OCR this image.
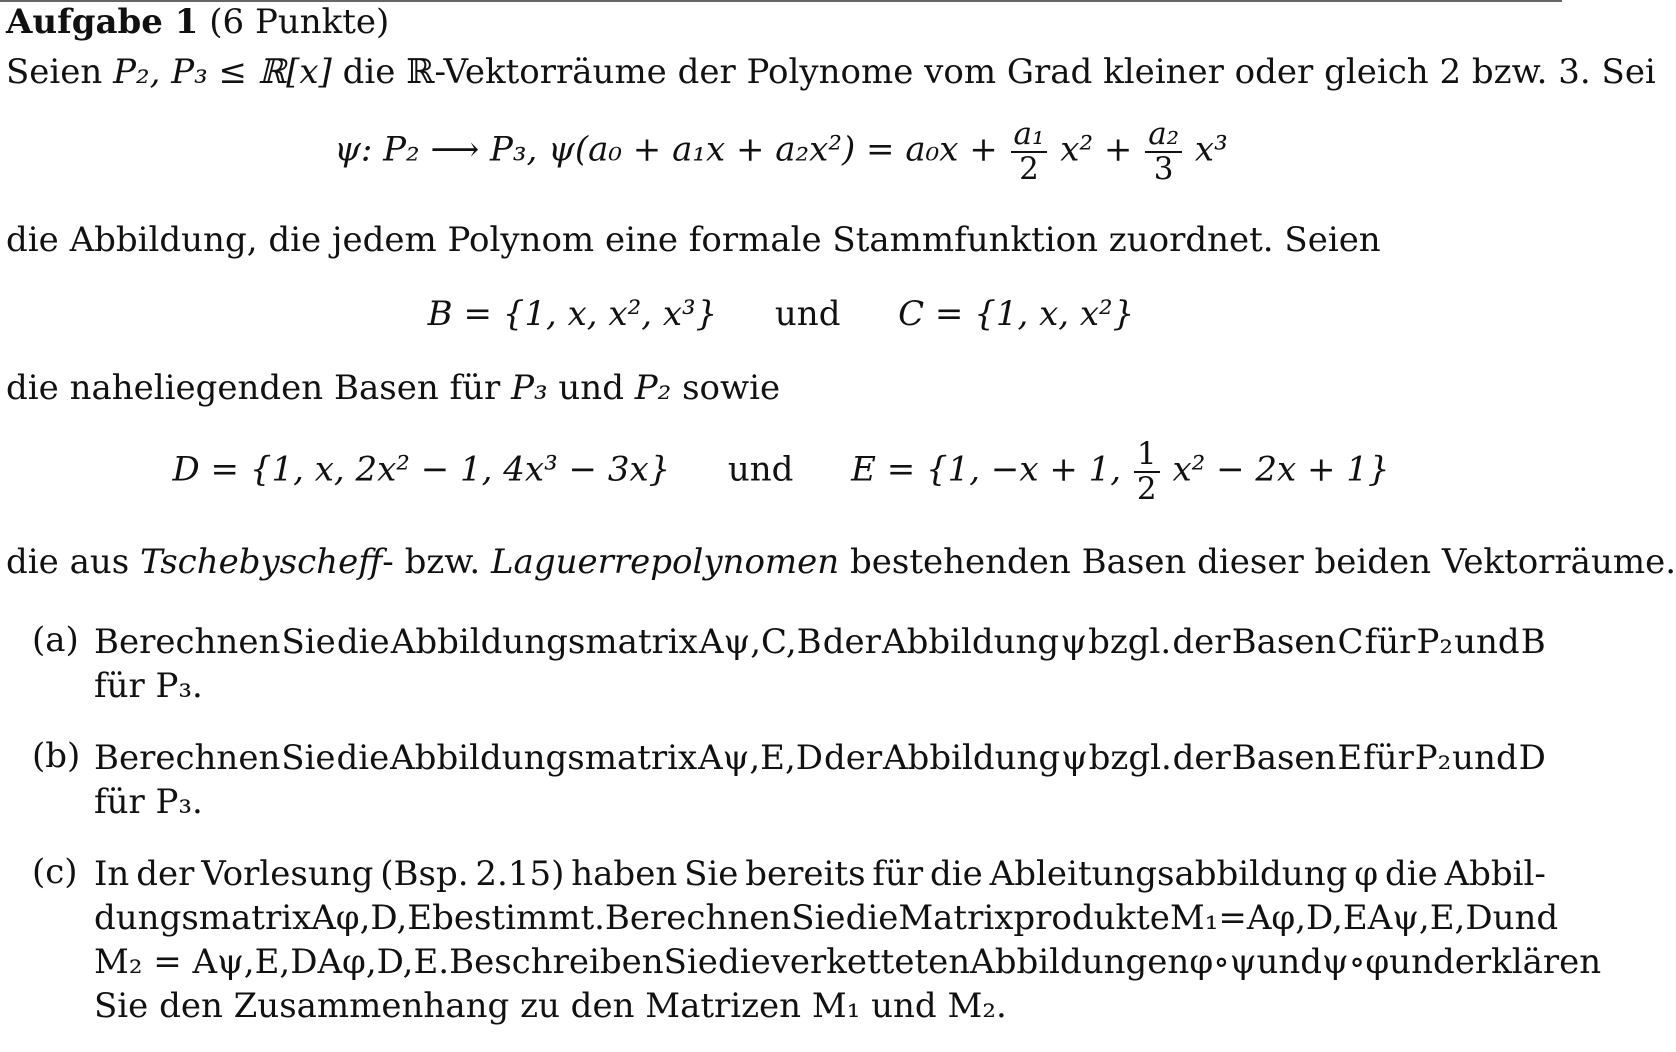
Aufgabe 1 (6 Punkte)
Seien P₂, P₃ ≤ ℝ[x] die ℝ-Vektorräume der Polynome vom Grad kleiner oder gleich 2 bzw. 3. Sei
ψ: P₂ ⟶ P₃, $\psi(a_0 + a_1x + a_2x^2) = a_0x + \frac{\text{a₁}}{2} x^2 + \frac{\text{a₂}}{3} x^3$
die Abbildung, die jedem Polynom eine formale Stammfunktion zuordnet. Seien
B = {1, x, x², x³} und C = {1, x, x²}
die naheliegenden Basen für P₃ und P₂ sowie
D = {1, x, 2x² − 1, 4x³ − 3x} und E = {1, −x + 1, $\frac{1}{2} x^2 - 2x + 1$}
die aus Tschebyscheff- bzw. Laguerrepolynomen bestehenden Basen dieser beiden Vektorräume.
(a) Berechnen Sie die Abbildungsmatrix Aψ,C,B der Abbildung ψ bzgl. der Basen C für P₂ und B
für P₃.
(b) Berechnen Sie die Abbildungsmatrix Aψ,E,D der Abbildung ψ bzgl. der Basen E für P₂ und D
für P₃.
(c) In der Vorlesung (Bsp. 2.15) haben Sie bereits für die Ableitungsabbildung φ die Abbil-
dungsmatrix Aφ,D,E bestimmt. Berechnen Sie die Matrixprodukte M₁ = Aφ,D,EAψ,E,D und
M₂ = Aψ,E,DAφ,D,E. Beschreiben Sie die verketteten Abbildungen φ∘ψ und ψ∘φ und erklären
Sie den Zusammenhang zu den Matrizen M₁ und M₂.
